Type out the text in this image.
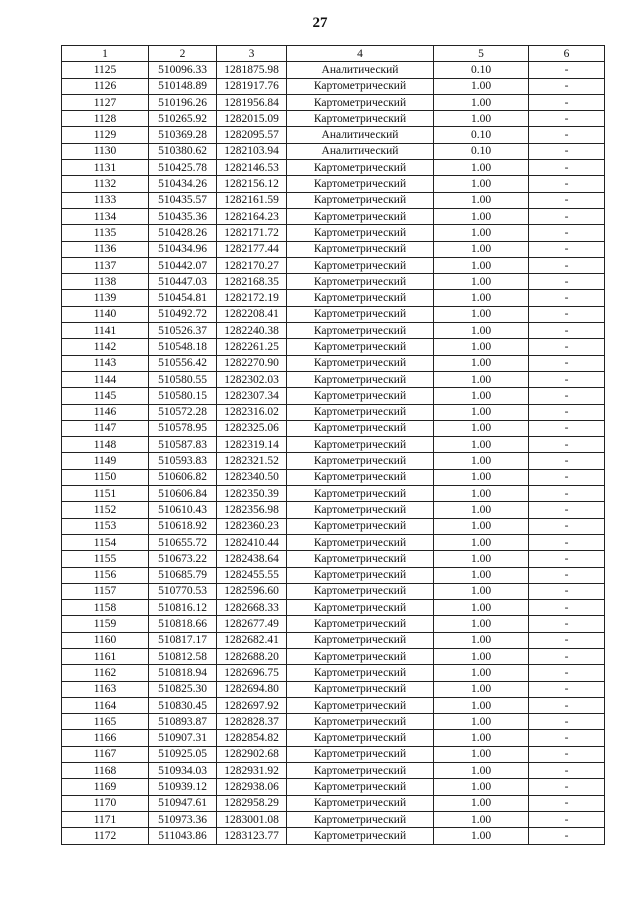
27
1	2	3	4	5	6
1125	510096.33	1281875.98	Аналитический	0.10	-
1126	510148.89	1281917.76	Картометрический	1.00	-
1127	510196.26	1281956.84	Картометрический	1.00	-
1128	510265.92	1282015.09	Картометрический	1.00	-
1129	510369.28	1282095.57	Аналитический	0.10	-
1130	510380.62	1282103.94	Аналитический	0.10	-
1131	510425.78	1282146.53	Картометрический	1.00	-
1132	510434.26	1282156.12	Картометрический	1.00	-
1133	510435.57	1282161.59	Картометрический	1.00	-
1134	510435.36	1282164.23	Картометрический	1.00	-
1135	510428.26	1282171.72	Картометрический	1.00	-
1136	510434.96	1282177.44	Картометрический	1.00	-
1137	510442.07	1282170.27	Картометрический	1.00	-
1138	510447.03	1282168.35	Картометрический	1.00	-
1139	510454.81	1282172.19	Картометрический	1.00	-
1140	510492.72	1282208.41	Картометрический	1.00	-
1141	510526.37	1282240.38	Картометрический	1.00	-
1142	510548.18	1282261.25	Картометрический	1.00	-
1143	510556.42	1282270.90	Картометрический	1.00	-
1144	510580.55	1282302.03	Картометрический	1.00	-
1145	510580.15	1282307.34	Картометрический	1.00	-
1146	510572.28	1282316.02	Картометрический	1.00	-
1147	510578.95	1282325.06	Картометрический	1.00	-
1148	510587.83	1282319.14	Картометрический	1.00	-
1149	510593.83	1282321.52	Картометрический	1.00	-
1150	510606.82	1282340.50	Картометрический	1.00	-
1151	510606.84	1282350.39	Картометрический	1.00	-
1152	510610.43	1282356.98	Картометрический	1.00	-
1153	510618.92	1282360.23	Картометрический	1.00	-
1154	510655.72	1282410.44	Картометрический	1.00	-
1155	510673.22	1282438.64	Картометрический	1.00	-
1156	510685.79	1282455.55	Картометрический	1.00	-
1157	510770.53	1282596.60	Картометрический	1.00	-
1158	510816.12	1282668.33	Картометрический	1.00	-
1159	510818.66	1282677.49	Картометрический	1.00	-
1160	510817.17	1282682.41	Картометрический	1.00	-
1161	510812.58	1282688.20	Картометрический	1.00	-
1162	510818.94	1282696.75	Картометрический	1.00	-
1163	510825.30	1282694.80	Картометрический	1.00	-
1164	510830.45	1282697.92	Картометрический	1.00	-
1165	510893.87	1282828.37	Картометрический	1.00	-
1166	510907.31	1282854.82	Картометрический	1.00	-
1167	510925.05	1282902.68	Картометрический	1.00	-
1168	510934.03	1282931.92	Картометрический	1.00	-
1169	510939.12	1282938.06	Картометрический	1.00	-
1170	510947.61	1282958.29	Картометрический	1.00	-
1171	510973.36	1283001.08	Картометрический	1.00	-
1172	511043.86	1283123.77	Картометрический	1.00	-
